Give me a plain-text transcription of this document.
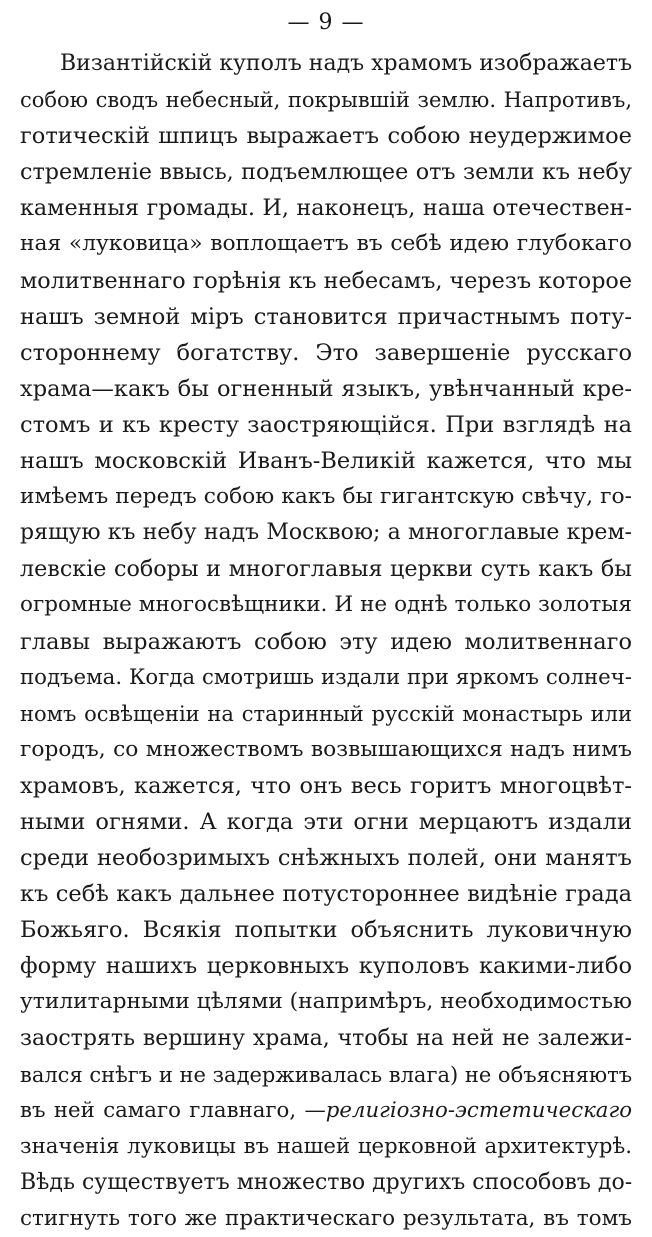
— 9 —
Византійскій куполъ надъ храмомъ изображаетъ
собою сводъ небесный, покрывшій землю. Напротивъ,
готическій шпицъ выражаетъ собою неудержимое
стремленіе ввысь, подъемлющее отъ земли къ небу
каменныя громады. И, наконецъ, наша отечествен-
ная «луковица» воплощаетъ въ себѣ идею глубокаго
молитвеннаго горѣнія къ небесамъ, черезъ которое
нашъ земной міръ становится причастнымъ поту-
стороннему богатству. Это завершеніе русскаго
храма—какъ бы огненный языкъ, увѣнчанный кре-
стомъ и къ кресту заостряющійся. При взглядѣ на
нашъ московскій Иванъ-Великій кажется, что мы
имѣемъ передъ собою какъ бы гигантскую свѣчу, го-
рящую къ небу надъ Москвою; а многоглавые крем-
левскіе соборы и многоглавыя церкви суть какъ бы
огромные многосвѣщники. И не однѣ только золотыя
главы выражаютъ собою эту идею молитвеннаго
подъема. Когда смотришь издали при яркомъ солнеч-
номъ освѣщеніи на старинный русскій монастырь или
городъ, со множествомъ возвышающихся надъ нимъ
храмовъ, кажется, что онъ весь горитъ многоцвѣт-
ными огнями. А когда эти огни мерцаютъ издали
среди необозримыхъ снѣжныхъ полей, они манятъ
къ себѣ какъ дальнее потустороннее видѣніе града
Божьяго. Всякія попытки объяснить луковичную
форму нашихъ церковныхъ куполовъ какими-либо
утилитарными цѣлями (напримѣръ, необходимостью
заострять вершину храма, чтобы на ней не залежи-
вался снѣгъ и не задерживалась влага) не объясняютъ
въ ней самаго главнаго, —религіозно-эстетическаго
значенія луковицы въ нашей церковной архитектурѣ.
Вѣдь существуетъ множество другихъ способовъ до-
стигнуть того же практическаго результата, въ томъ
